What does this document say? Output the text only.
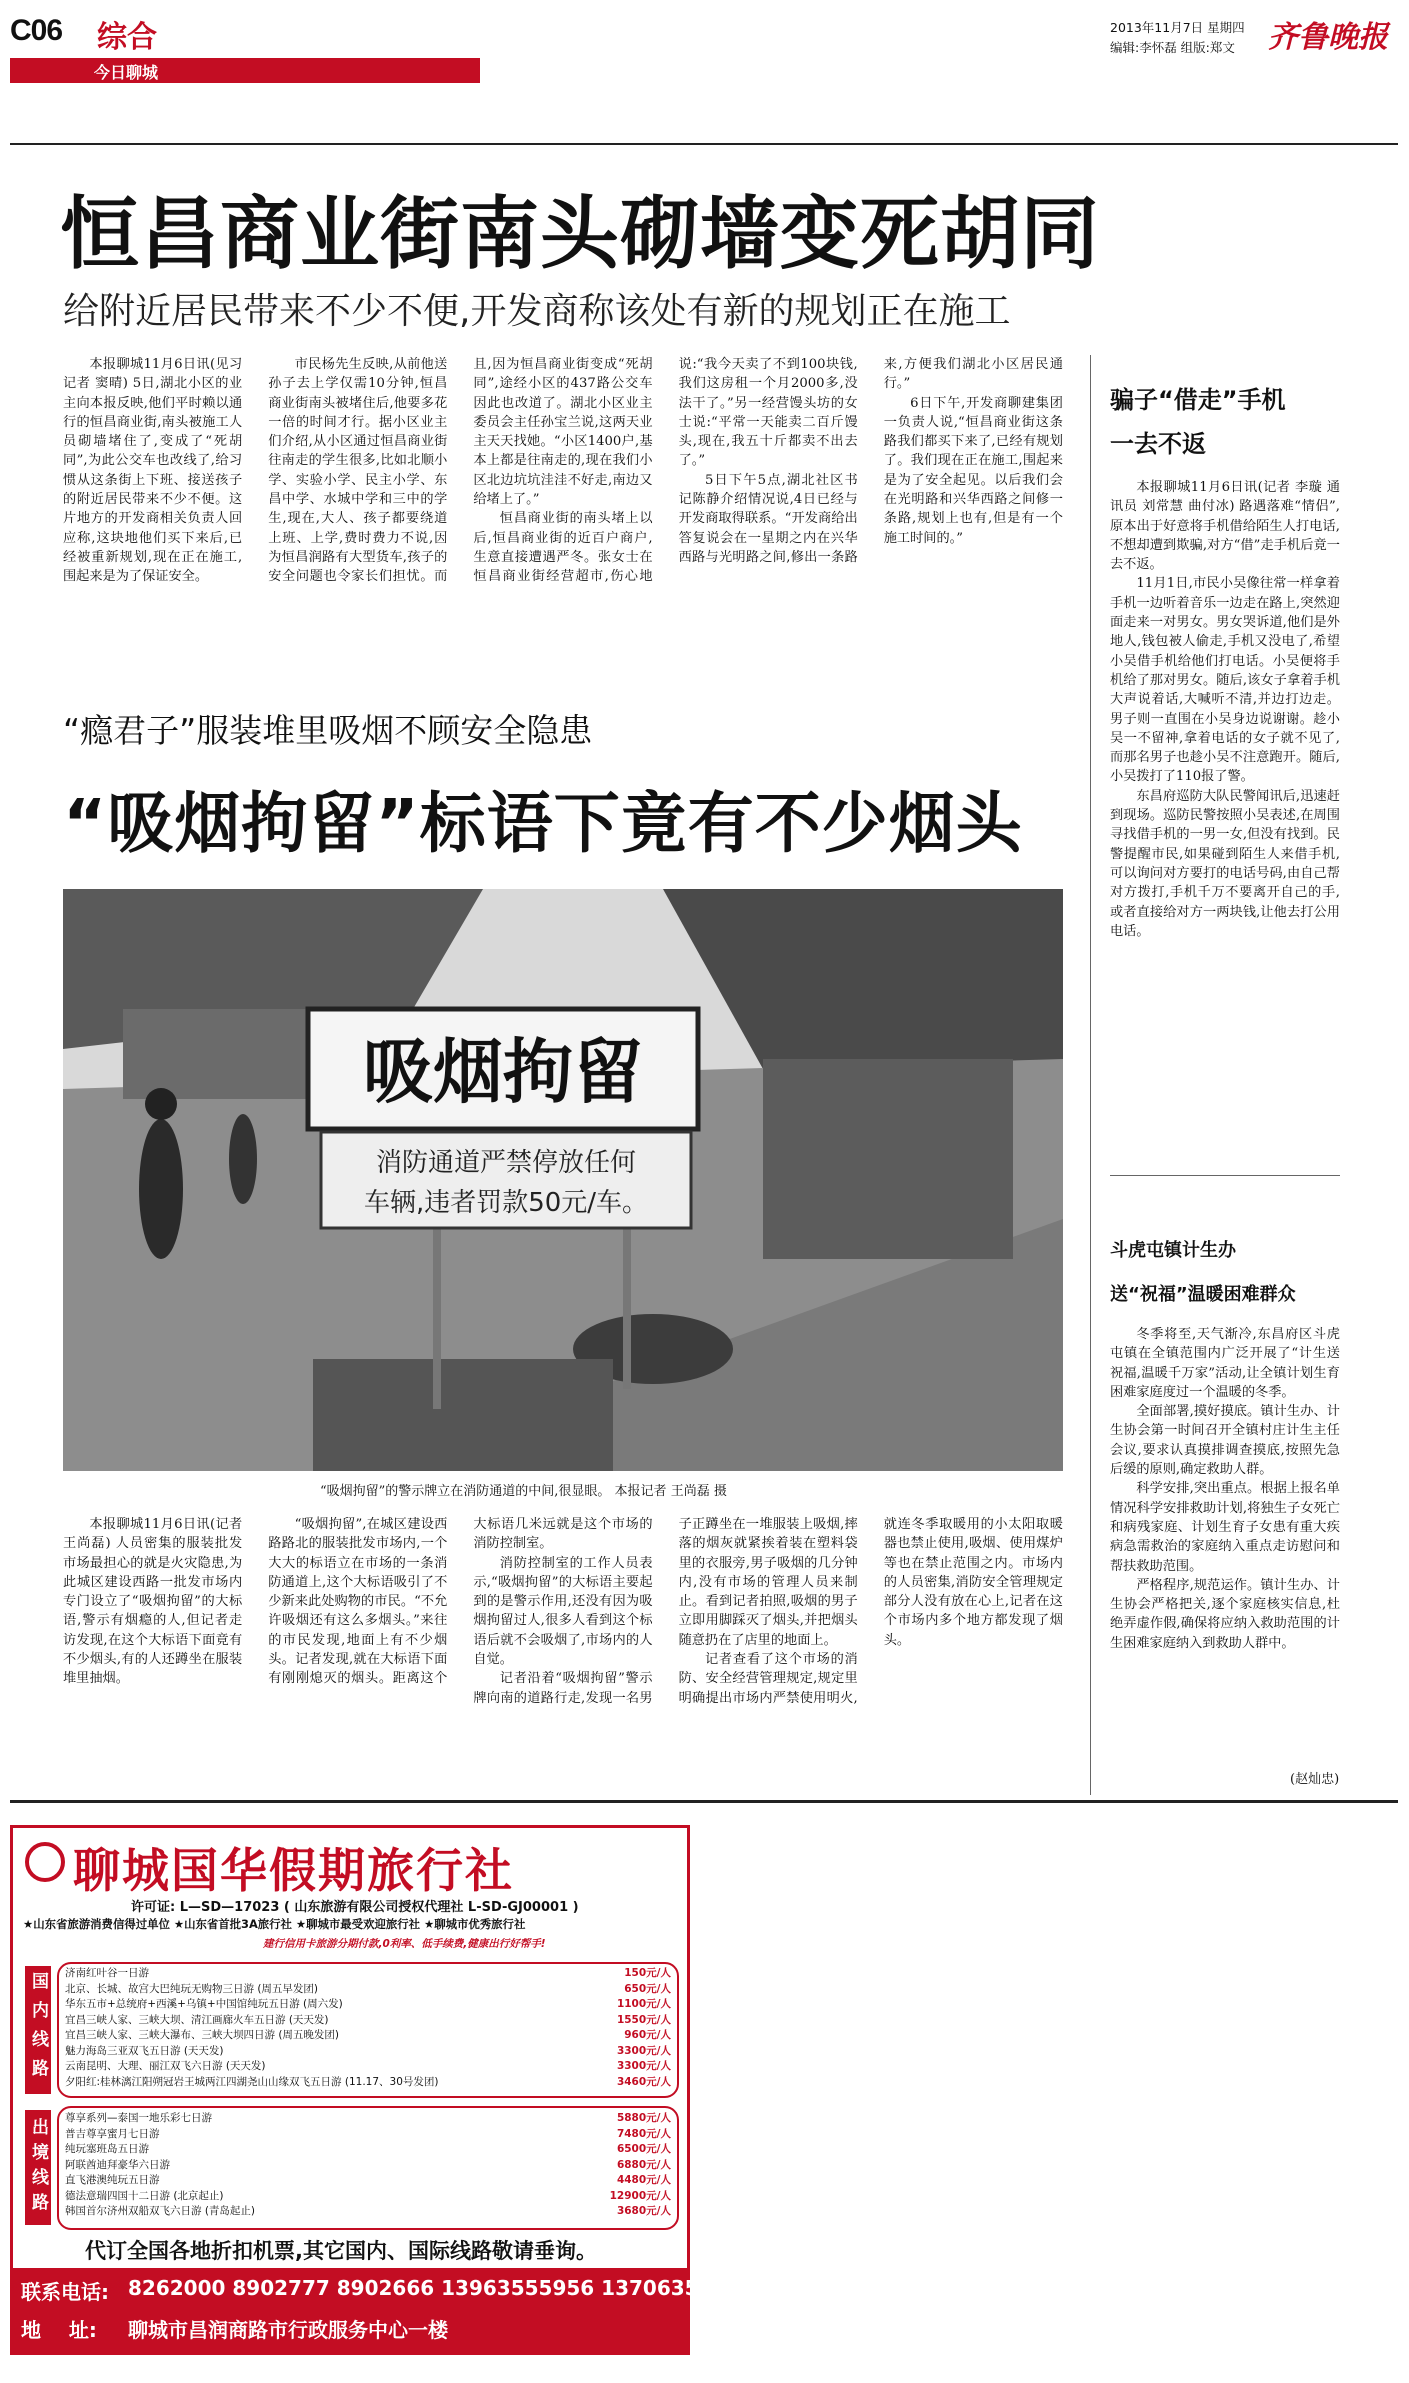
C06 综合
今日聊城
2013年11月7日 星期四
编辑:李怀磊 组版:郑文 齐鲁晚报
恒昌商业街南头砌墙变死胡同
给附近居民带来不少不便,开发商称该处有新的规划正在施工

本报聊城11月6日讯(见习记者 窦晴) 5日,湖北小区的业主向本报反映,他们平时赖以通行的恒昌商业街,南头被施工人员砌墙堵住了,变成了“死胡同”,为此公交车也改线了,给习惯从这条街上下班、接送孩子的附近居民带来不少不便。这片地方的开发商相关负责人回应称,这块地他们买下来后,已经被重新规划,现在正在施工,围起来是为了保证安全。

市民杨先生反映,从前他送孙子去上学仅需10分钟,恒昌商业街南头被堵住后,他要多花一倍的时间才行。据小区业主们介绍,从小区通过恒昌商业街往南走的学生很多,比如北顺小学、实验小学、民主小学、东昌中学、水城中学和三中的学生,现在,大人、孩子都要绕道上班、上学,费时费力不说,因为恒昌润路有大型货车,孩子的安全问题也令家长们担忧。而且,因为恒昌商业街变成“死胡同”,途经小区的437路公交车因此也改道了。湖北小区业主委员会主任孙宝兰说,这两天业主天天找她。“小区1400户,基本上都是往南走的,现在我们小区北边坑坑洼洼不好走,南边又给堵上了。”

恒昌商业街的南头堵上以后,恒昌商业街的近百户商户,生意直接遭遇严冬。张女士在恒昌商业街经营超市,伤心地说:“我今天卖了不到100块钱,我们这房租一个月2000多,没法干了。”另一经营馒头坊的女士说:“平常一天能卖二百斤馒头,现在,我五十斤都卖不出去了。”

5日下午5点,湖北社区书记陈静介绍情况说,4日已经与开发商取得联系。“开发商给出答复说会在一星期之内在兴华西路与光明路之间,修出一条路来,方便我们湖北小区居民通行。”

6日下午,开发商聊建集团一负责人说,“恒昌商业街这条路我们都买下来了,已经有规划了。我们现在正在施工,围起来是为了安全起见。以后我们会在光明路和兴华西路之间修一条路,规划上也有,但是有一个施工时间的。”

“瘾君子”服装堆里吸烟不顾安全隐患
“吸烟拘留”标语下竟有不少烟头
吸烟拘留
消防通道严禁停放任何
车辆,违者罚款50元/车。
“吸烟拘留”的警示牌立在消防通道的中间,很显眼。 本报记者 王尚磊 摄

本报聊城11月6日讯(记者 王尚磊) 人员密集的服装批发市场最担心的就是火灾隐患,为此城区建设西路一批发市场内专门设立了“吸烟拘留”的大标语,警示有烟瘾的人,但记者走访发现,在这个大标语下面竟有不少烟头,有的人还蹲坐在服装堆里抽烟。

“吸烟拘留”,在城区建设西路路北的服装批发市场内,一个大大的标语立在市场的一条消防通道上,这个大标语吸引了不少新来此处购物的市民。“不允许吸烟还有这么多烟头。”来往的市民发现,地面上有不少烟头。记者发现,就在大标语下面有刚刚熄灭的烟头。距离这个大标语几米远就是这个市场的消防控制室。

消防控制室的工作人员表示,“吸烟拘留”的大标语主要起到的是警示作用,还没有因为吸烟拘留过人,很多人看到这个标语后就不会吸烟了,市场内的人自觉。

记者沿着“吸烟拘留”警示牌向南的道路行走,发现一名男子正蹲坐在一堆服装上吸烟,摔落的烟灰就紧挨着装在塑料袋里的衣服旁,男子吸烟的几分钟内,没有市场的管理人员来制止。看到记者拍照,吸烟的男子立即用脚踩灭了烟头,并把烟头随意扔在了店里的地面上。

记者查看了这个市场的消防、安全经营管理规定,规定里明确提出市场内严禁使用明火,就连冬季取暖用的小太阳取暖器也禁止使用,吸烟、使用煤炉等也在禁止范围之内。市场内的人员密集,消防安全管理规定部分人没有放在心上,记者在这个市场内多个地方都发现了烟头。

骗子“借走”手机
一去不返

本报聊城11月6日讯(记者 李璇 通讯员 刘常慧 曲付冰) 路遇落难“情侣”,原本出于好意将手机借给陌生人打电话,不想却遭到欺骗,对方“借”走手机后竟一去不返。

11月1日,市民小吴像往常一样拿着手机一边听着音乐一边走在路上,突然迎面走来一对男女。男女哭诉道,他们是外地人,钱包被人偷走,手机又没电了,希望小吴借手机给他们打电话。小吴便将手机给了那对男女。随后,该女子拿着手机大声说着话,大喊听不清,并边打边走。男子则一直围在小吴身边说谢谢。趁小吴一不留神,拿着电话的女子就不见了,而那名男子也趁小吴不注意跑开。随后,小吴拨打了110报了警。

东昌府巡防大队民警闻讯后,迅速赶到现场。巡防民警按照小吴表述,在周围寻找借手机的一男一女,但没有找到。民警提醒市民,如果碰到陌生人来借手机,可以询问对方要打的电话号码,由自己帮对方拨打,手机千万不要离开自己的手,或者直接给对方一两块钱,让他去打公用电话。

斗虎屯镇计生办
送“祝福”温暖困难群众

冬季将至,天气渐冷,东昌府区斗虎屯镇在全镇范围内广泛开展了“计生送祝福,温暖千万家”活动,让全镇计划生育困难家庭度过一个温暖的冬季。

全面部署,摸好摸底。镇计生办、计生协会第一时间召开全镇村庄计生主任会议,要求认真摸排调查摸底,按照先急后缓的原则,确定救助人群。

科学安排,突出重点。根据上报名单情况科学安排救助计划,将独生子女死亡和病残家庭、计划生育子女患有重大疾病急需救治的家庭纳入重点走访慰问和帮扶救助范围。

严格程序,规范运作。镇计生办、计生协会严格把关,逐个家庭核实信息,杜绝弄虚作假,确保将应纳入救助范围的计生困难家庭纳入到救助人群中。

(赵灿忠)
聊城国华假期旅行社
许可证: L—SD—17023 ( 山东旅游有限公司授权代理社 L-SD-GJ00001 )
★山东省旅游消费信得过单位 ★山东省首批3A旅行社 ★聊城市最受欢迎旅行社 ★聊城市优秀旅行社
建行信用卡旅游分期付款,0利率、低手续费,健康出行好帮手!
国内线路 济南红叶谷一日游	150元/人
北京、长城、故宫大巴纯玩无购物三日游 (周五早发团)	650元/人
华东五市+总统府+西溪+乌镇+中国馆纯玩五日游 (周六发)	1100元/人
宜昌三峡人家、三峡大坝、清江画廊火车五日游 (天天发)	1550元/人
宜昌三峡人家、三峡大瀑布、三峡大坝四日游 (周五晚发团)	960元/人
魅力海岛三亚双飞五日游 (天天发)	3300元/人
云南昆明、大理、丽江双飞六日游 (天天发)	3300元/人
夕阳红:桂林漓江阳朔冠岩王城两江四湖尧山山缘双飞五日游 (11.17、30号发团)	3460元/人
出境线路 尊享系列—泰国一地乐彩七日游	5880元/人
普吉尊享蜜月七日游	7480元/人
纯玩塞班岛五日游	6500元/人
阿联酋迪拜豪华六日游	6880元/人
直飞港澳纯玩五日游	4480元/人
德法意瑞四国十二日游 (北京起止)	12900元/人
韩国首尔济州双船双飞六日游 (青岛起止)	3680元/人
代订全国各地折扣机票,其它国内、国际线路敬请垂询。
联系电话: 8262000 8902777 8902666 13963555956 13706351210
地    址: 聊城市昌润商路市行政服务中心一楼
